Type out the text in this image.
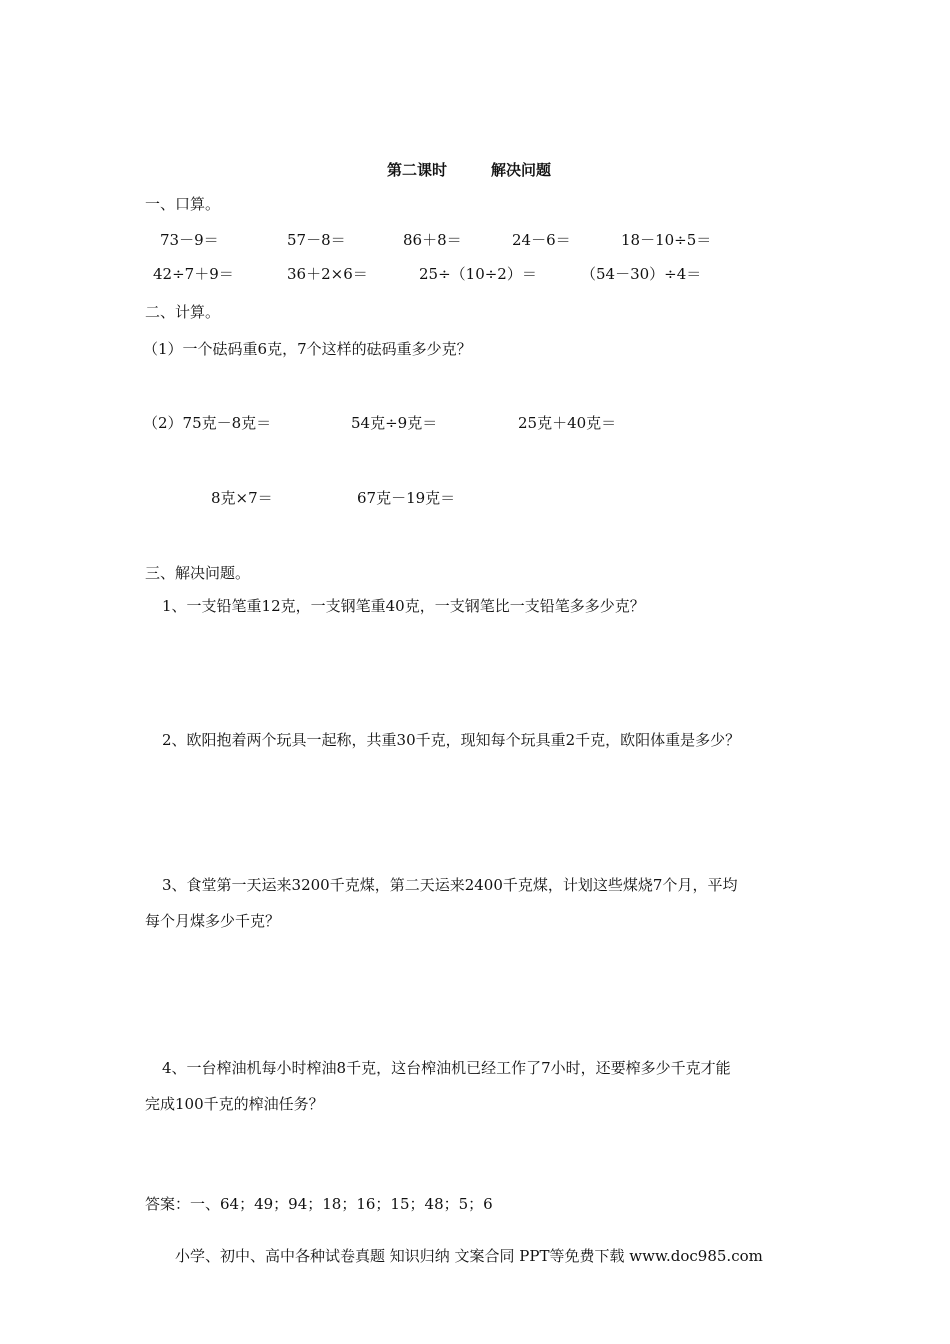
第二课时	解决问题
一、口算。
73－9＝	57－8＝	86＋8＝	24－6＝	18－10÷5＝
42÷7＋9＝	36＋2×6＝	25÷（10÷2）＝	（54－30）÷4＝
二、计算。
（1）一个砝码重6克，7个这样的砝码重多少克？
（2）75克－8克＝	54克÷9克＝	25克＋40克＝
8克×7＝	67克－19克＝
三、解决问题。
1、一支铅笔重12克，一支钢笔重40克，一支钢笔比一支铅笔多多少克？
2、欧阳抱着两个玩具一起称，共重30千克，现知每个玩具重2千克，欧阳体重是多少？
3、食堂第一天运来3200千克煤，第二天运来2400千克煤，计划这些煤烧7个月，平均
每个月煤多少千克？
4、一台榨油机每小时榨油8千克，这台榨油机已经工作了7小时，还要榨多少千克才能
完成100千克的榨油任务？
答案：一、64；49；94；18；16；15；48；5；6
小学、初中、高中各种试卷真题 知识归纳 文案合同 PPT等免费下载 www.doc985.com
